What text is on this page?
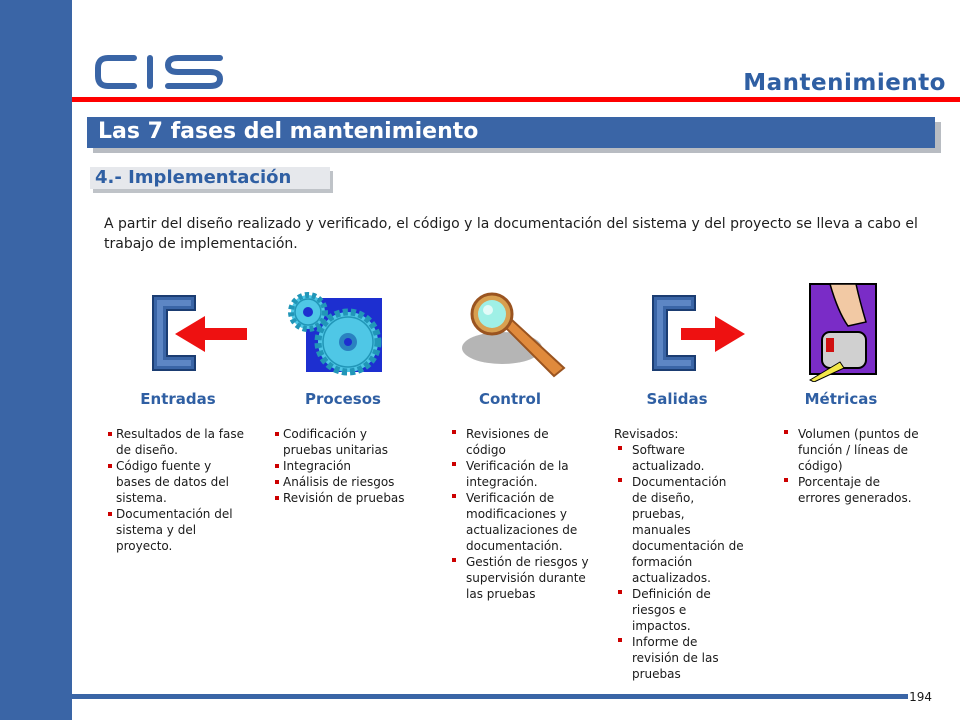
Mantenimiento
Las 7 fases del mantenimiento
4.- Implementación
A partir del diseño realizado y verificado, el código y la documentación del sistema y del proyecto se lleva a cabo el trabajo de implementación.
Entradas	Procesos	Control	Salidas	Métricas
Resultados de la fase de diseño.
Código fuente y bases de datos del sistema.
Documentación del sistema y del proyecto.
Codificación y pruebas unitarias
Integración
Análisis de riesgos
Revisión de pruebas
Revisiones de código
Verificación de la integración.
Verificación de modificaciones y actualizaciones de documentación.
Gestión de riesgos y supervisión durante las pruebas
Revisados:
Software actualizado.
Documentación de diseño, pruebas, manuales documentación de formación actualizados.
Definición de riesgos e impactos.
Informe de revisión de las pruebas
Volumen (puntos de función / líneas de código)
Porcentaje de errores generados.
194
